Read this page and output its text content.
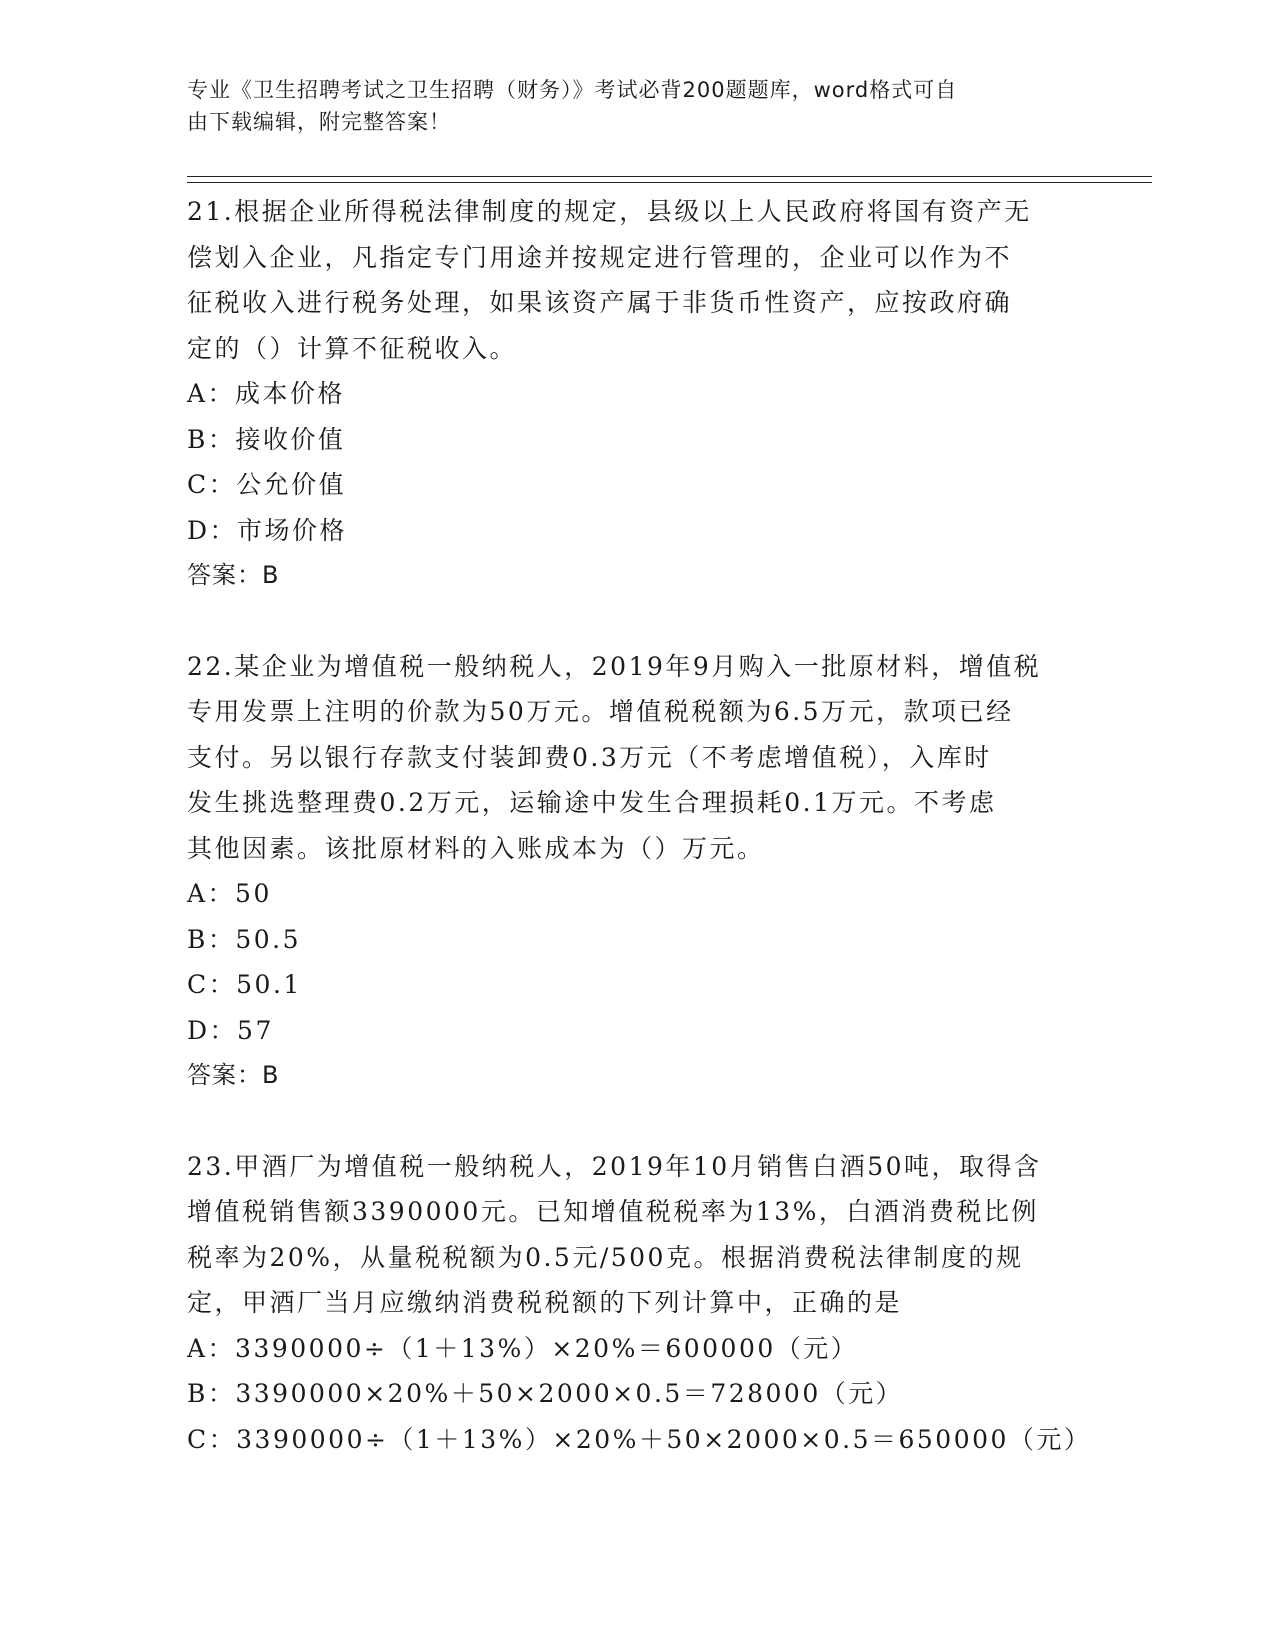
专业《卫生招聘考试之卫生招聘（财务）》考试必背200题题库，word格式可自
由下载编辑，附完整答案！
21.根据企业所得税法律制度的规定，县级以上人民政府将国有资产无
偿划入企业，凡指定专门用途并按规定进行管理的，企业可以作为不
征税收入进行税务处理，如果该资产属于非货币性资产，应按政府确
定的（）计算不征税收入。
A：成本价格
B：接收价值
C：公允价值
D：市场价格
答案：B
22.某企业为增值税一般纳税人，2019年9月购入一批原材料，增值税
专用发票上注明的价款为50万元。增值税税额为6.5万元，款项已经
支付。另以银行存款支付装卸费0.3万元（不考虑增值税），入库时
发生挑选整理费0.2万元，运输途中发生合理损耗0.1万元。不考虑
其他因素。该批原材料的入账成本为（）万元。
A：50
B：50.5
C：50.1
D：57
答案：B
23.甲酒厂为增值税一般纳税人，2019年10月销售白酒50吨，取得含
增值税销售额3390000元。已知增值税税率为13%，白酒消费税比例
税率为20%，从量税税额为0.5元/500克。根据消费税法律制度的规
定，甲酒厂当月应缴纳消费税税额的下列计算中，正确的是
A：3390000÷（1＋13%）×20%＝600000（元）
B：3390000×20%＋50×2000×0.5＝728000（元）
C：3390000÷（1＋13%）×20%＋50×2000×0.5＝650000（元）
